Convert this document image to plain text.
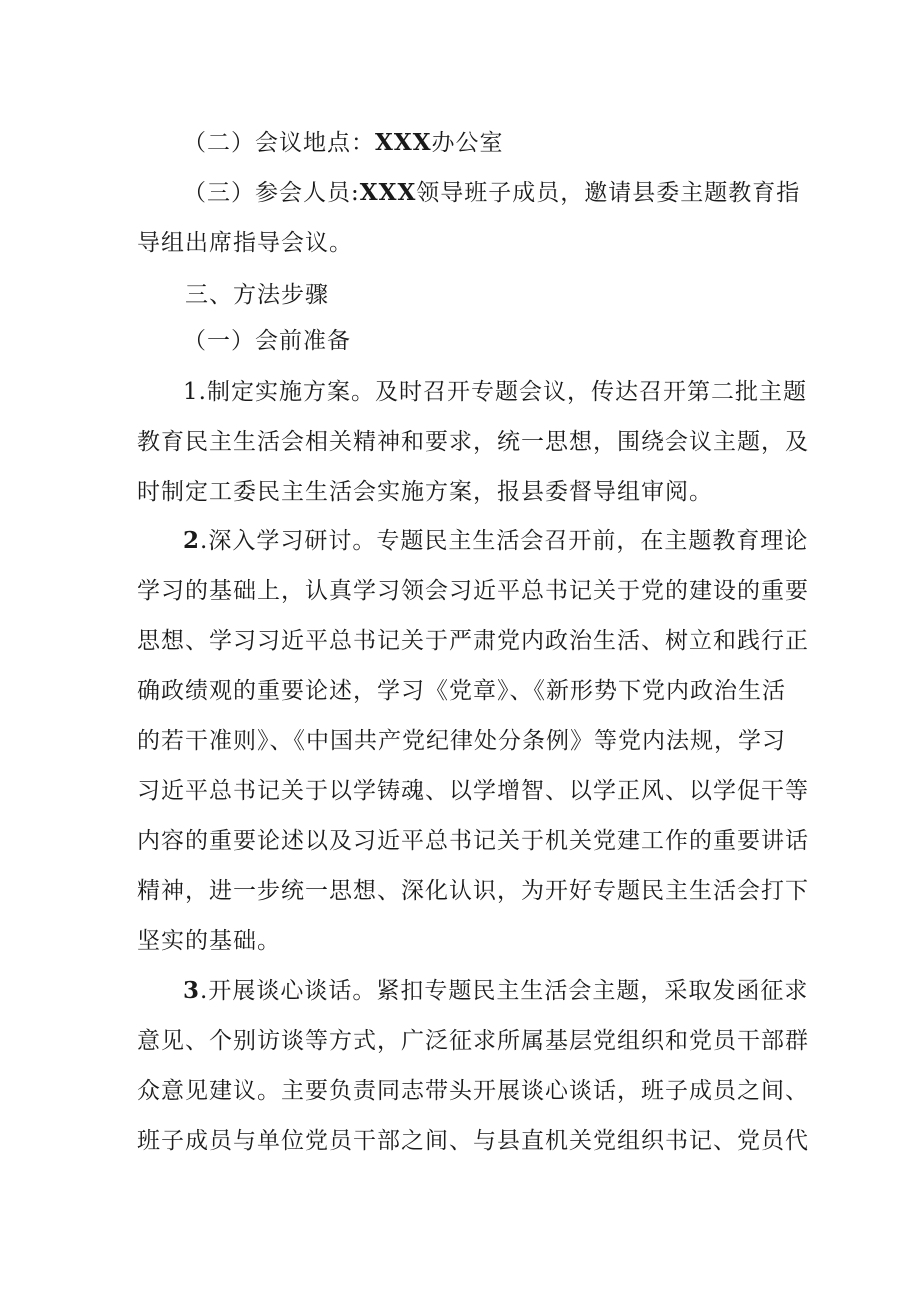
（二）会议地点：XXX办公室
（三）参会人员:XXX领导班子成员，邀请县委主题教育指
导组出席指导会议。
三、方法步骤
（一）会前准备
1.制定实施方案。及时召开专题会议，传达召开第二批主题
教育民主生活会相关精神和要求，统一思想，围绕会议主题，及
时制定工委民主生活会实施方案，报县委督导组审阅。
2.深入学习研讨。专题民主生活会召开前，在主题教育理论
学习的基础上，认真学习领会习近平总书记关于党的建设的重要
思想、学习习近平总书记关于严肃党内政治生活、树立和践行正
确政绩观的重要论述，学习《党章》、《新形势下党内政治生活
的若干准则》、《中国共产党纪律处分条例》等党内法规，学习
习近平总书记关于以学铸魂、以学增智、以学正风、以学促干等
内容的重要论述以及习近平总书记关于机关党建工作的重要讲话
精神，进一步统一思想、深化认识，为开好专题民主生活会打下
坚实的基础。
3.开展谈心谈话。紧扣专题民主生活会主题，采取发函征求
意见、个别访谈等方式，广泛征求所属基层党组织和党员干部群
众意见建议。主要负责同志带头开展谈心谈话，班子成员之间、
班子成员与单位党员干部之间、与县直机关党组织书记、党员代
